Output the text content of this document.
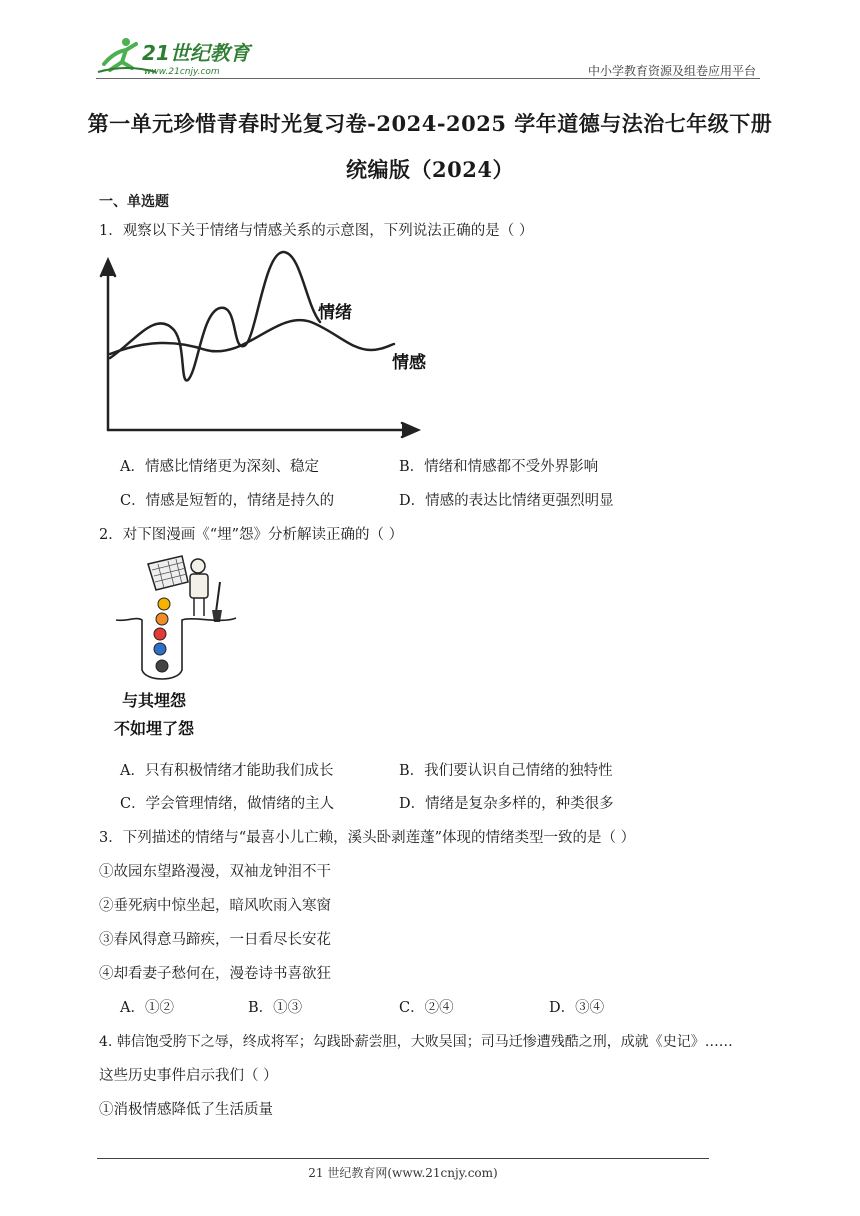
21世纪教育
www.21cnjy.com	中小学教育资源及组卷应用平台
第一单元珍惜青春时光复习卷-2024-2025 学年道德与法治七年级下册
统编版（2024）
一、单选题
1．观察以下关于情绪与情感关系的示意图，下列说法正确的是（ ）
情绪
情感
A．情感比情绪更为深刻、稳定	B．情绪和情感都不受外界影响
C．情感是短暂的，情绪是持久的	D．情感的表达比情绪更强烈明显
2．对下图漫画《“埋”怨》分析解读正确的（ ）
与其埋怨
不如埋了怨
A．只有积极情绪才能助我们成长	B．我们要认识自己情绪的独特性
C．学会管理情绪，做情绪的主人	D．情绪是复杂多样的，种类很多
3．下列描述的情绪与“最喜小儿亡赖，溪头卧剥莲蓬”体现的情绪类型一致的是（ ）
①故园东望路漫漫，双袖龙钟泪不干
②垂死病中惊坐起，暗风吹雨入寒窗
③春风得意马蹄疾，一日看尽长安花
④却看妻子愁何在，漫卷诗书喜欲狂
A．①②	B．①③	C．②④	D．③④
4. 韩信饱受胯下之辱，终成将军；勾践卧薪尝胆，大败吴国；司马迁惨遭残酷之刑，成就《史记》……
这些历史事件启示我们（ ）
①消极情感降低了生活质量
21 世纪教育网(www.21cnjy.com)
